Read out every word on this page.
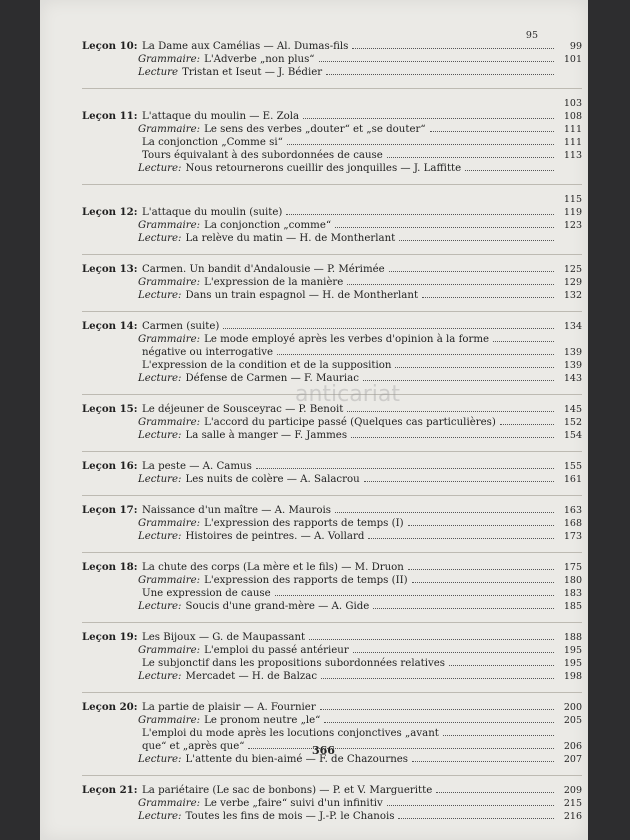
95
Leçon 10: La Dame aux Camélias — Al. Dumas-fils	99
Grammaire: L'Adverbe „non plus“	101
Lecture Tristan et Iseut — J. Bédier
103
Leçon 11: L'attaque du moulin — E. Zola	108
Grammaire: Le sens des verbes „douter“ et „se douter“	111
La conjonction „Comme si“	111
Tours équivalant à des subordonnées de cause	113
Lecture: Nous retournerons cueillir des jonquilles — J. Laffitte
115
Leçon 12: L'attaque du moulin (suite)	119
Grammaire: La conjonction „comme“	123
Lecture: La relève du matin — H. de Montherlant
Leçon 13: Carmen. Un bandit d'Andalousie — P. Mérimée	125
Grammaire: L'expression de la manière	129
Lecture: Dans un train espagnol — H. de Montherlant	132
Leçon 14: Carmen (suite)	134
Grammaire: Le mode employé après les verbes d'opinion à la forme
négative ou interrogative	139
L'expression de la condition et de la supposition	139
Lecture: Défense de Carmen — F. Mauriac	143
Leçon 15: Le déjeuner de Sousceyrac — P. Benoit	145
Grammaire: L'accord du participe passé (Quelques cas particulières)	152
Lecture: La salle à manger — F. Jammes	154
Leçon 16: La peste — A. Camus	155
Lecture: Les nuits de colère — A. Salacrou	161
Leçon 17: Naissance d'un maître — A. Maurois	163
Grammaire: L'expression des rapports de temps (I)	168
Lecture: Histoires de peintres. — A. Vollard	173
Leçon 18: La chute des corps (La mère et le fils) — M. Druon	175
Grammaire: L'expression des rapports de temps (II)	180
Une expression de cause	183
Lecture: Soucis d'une grand-mère — A. Gide	185
Leçon 19: Les Bijoux — G. de Maupassant	188
Grammaire: L'emploi du passé antérieur	195
Le subjonctif dans les propositions subordonnées relatives	195
Lecture: Mercadet — H. de Balzac	198
Leçon 20: La partie de plaisir — A. Fournier	200
Grammaire: Le pronom neutre „le“	205
L'emploi du mode après les locutions conjonctives „avant
que“ et „après que“	206
Lecture: L'attente du bien-aimé — F. de Chazournes	207
Leçon 21: La pariétaire (Le sac de bonbons) — P. et V. Margueritte	209
Grammaire: Le verbe „faire“ suivi d'un infinitiv	215
Lecture: Toutes les fins de mois — J.-P. le Chanois	216
anticariat
366
